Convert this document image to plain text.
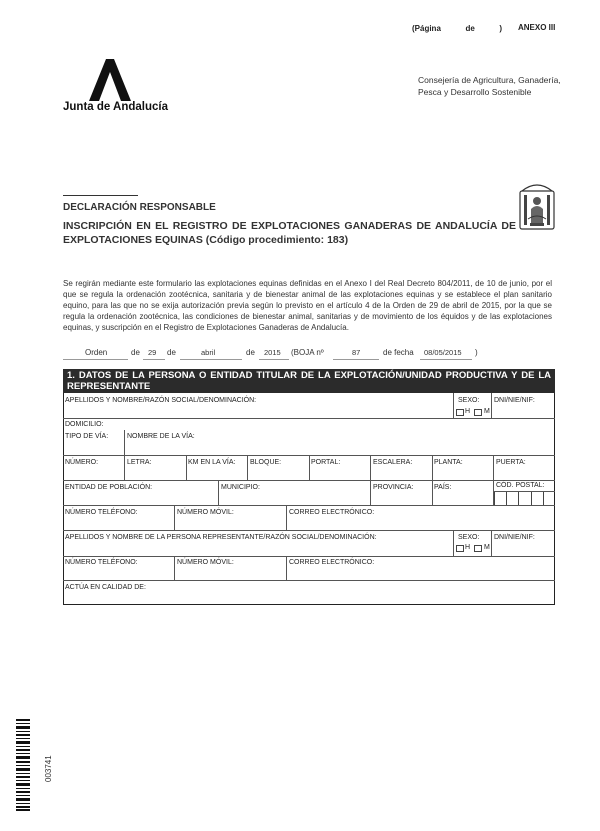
(Página	de	) ANEXO III
Junta de Andalucía
Consejería de Agricultura, Ganadería,
Pesca y Desarrollo Sostenible
DECLARACIÓN RESPONSABLE
INSCRIPCIÓN EN EL REGISTRO DE EXPLOTACIONES GANADERAS DE ANDALUCÍA DE EXPLOTACIONES EQUINAS (Código procedimiento: 183)
Se regirán mediante este formulario las explotaciones equinas definidas en el Anexo I del Real Decreto 804/2011, de 10 de junio, por el que se regula la ordenación zootécnica, sanitaria y de bienestar animal de las explotaciones equinas y se establece el plan sanitario equino, para las que no se exija autorización previa según lo previsto en el artículo 4 de la Orden de 29 de abril de 2015, por la que se regula la ordenación zootécnica, las condiciones de bienestar animal, sanitarias y de movimiento de los équidos y de las explotaciones equinas, y suscripción en el Registro de Explotaciones Ganaderas de Andalucía.
Orden	de 29 de	abril	de 2015 (BOJA nº	87	de fecha 08/05/2015 )
1. DATOS DE LA PERSONA O ENTIDAD TITULAR DE LA EXPLOTACIÓN/UNIDAD PRODUCTIVA Y DE LA REPRESENTANTE
APELLIDOS Y NOMBRE/RAZÓN SOCIAL/DENOMINACIÓN:	SEXO:
H M
DNI/NIE/NIF:
DOMICILIO:
TIPO DE VÍA:	NOMBRE DE LA VÍA:
NÚMERO:	LETRA:	KM EN LA VÍA: BLOQUE:	PORTAL:	ESCALERA:	PLANTA:	PUERTA:
ENTIDAD DE POBLACIÓN:	MUNICIPIO:	PROVINCIA:	PAÍS:	CÓD. POSTAL:
NÚMERO TELÉFONO:	NÚMERO MÓVIL:	CORREO ELECTRÓNICO:
APELLIDOS Y NOMBRE DE LA PERSONA REPRESENTANTE/RAZÓN SOCIAL/DENOMINACIÓN:	SEXO:
H M
DNI/NIE/NIF:
NÚMERO TELÉFONO:	NÚMERO MÓVIL:	CORREO ELECTRÓNICO:
ACTÚA EN CALIDAD DE:
003741
